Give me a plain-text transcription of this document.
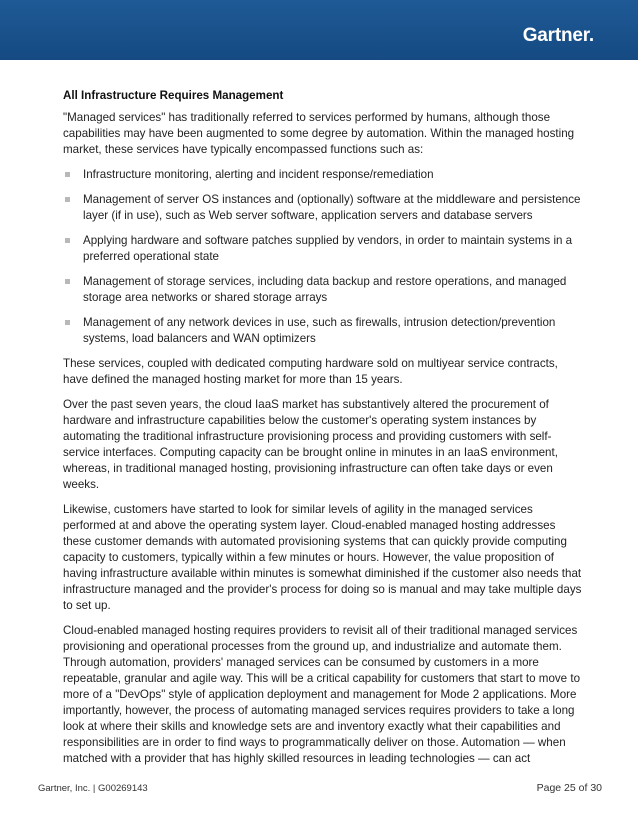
Gartner.
All Infrastructure Requires Management

"Managed services" has traditionally referred to services performed by humans, although those capabilities may have been augmented to some degree by automation. Within the managed hosting market, these services have typically encompassed functions such as:

Infrastructure monitoring, alerting and incident response/remediation
Management of server OS instances and (optionally) software at the middleware and persistence layer (if in use), such as Web server software, application servers and database servers
Applying hardware and software patches supplied by vendors, in order to maintain systems in a preferred operational state
Management of storage services, including data backup and restore operations, and managed storage area networks or shared storage arrays
Management of any network devices in use, such as firewalls, intrusion detection/prevention systems, load balancers and WAN optimizers

These services, coupled with dedicated computing hardware sold on multiyear service contracts, have defined the managed hosting market for more than 15 years.

Over the past seven years, the cloud IaaS market has substantively altered the procurement of hardware and infrastructure capabilities below the customer's operating system instances by automating the traditional infrastructure provisioning process and providing customers with self-service interfaces. Computing capacity can be brought online in minutes in an IaaS environment, whereas, in traditional managed hosting, provisioning infrastructure can often take days or even weeks.

Likewise, customers have started to look for similar levels of agility in the managed services performed at and above the operating system layer. Cloud-enabled managed hosting addresses these customer demands with automated provisioning systems that can quickly provide computing capacity to customers, typically within a few minutes or hours. However, the value proposition of having infrastructure available within minutes is somewhat diminished if the customer also needs that infrastructure managed and the provider's process for doing so is manual and may take multiple days to set up.

Cloud-enabled managed hosting requires providers to revisit all of their traditional managed services provisioning and operational processes from the ground up, and industrialize and automate them. Through automation, providers' managed services can be consumed by customers in a more repeatable, granular and agile way. This will be a critical capability for customers that start to move to more of a "DevOps" style of application deployment and management for Mode 2 applications. More importantly, however, the process of automating managed services requires providers to take a long look at where their skills and knowledge sets are and inventory exactly what their capabilities and responsibilities are in order to find ways to programmatically deliver on those. Automation — when matched with a provider that has highly skilled resources in leading technologies — can act

Gartner, Inc. | G00269143	Page 25 of 30
